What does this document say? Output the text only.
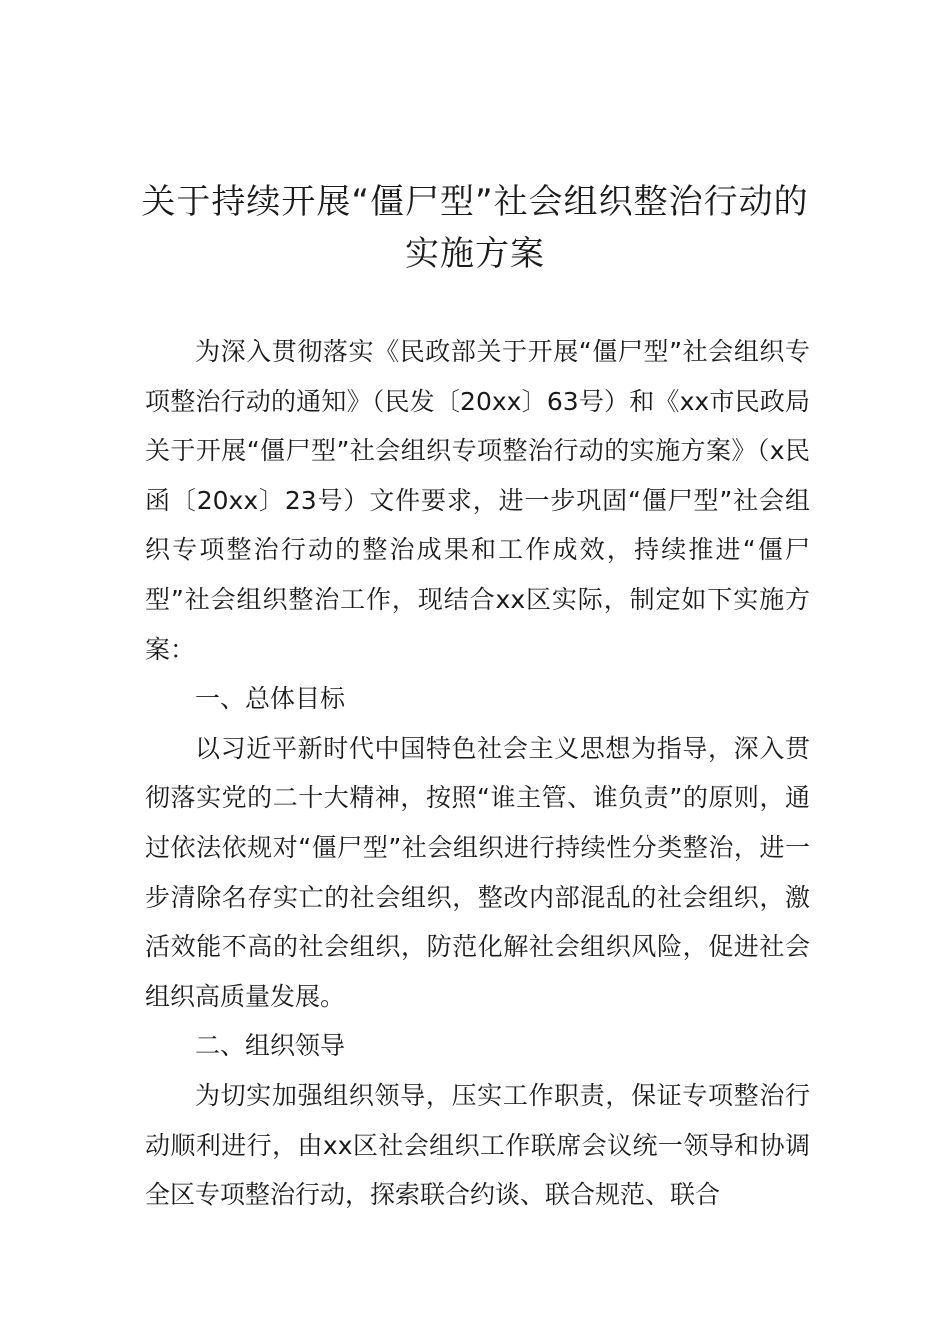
关于持续开展“僵尸型”社会组织整治行动的实施方案

为深入贯彻落实《民政部关于开展“僵尸型”社会组织专项整治行动的通知》（民发〔20xx〕63号）和《xx市民政局关于开展“僵尸型”社会组织专项整治行动的实施方案》（x民函〔20xx〕23号）文件要求，进一步巩固“僵尸型”社会组织专项整治行动的整治成果和工作成效，持续推进“僵尸型”社会组织整治工作，现结合xx区实际，制定如下实施方案：

一、总体目标

以习近平新时代中国特色社会主义思想为指导，深入贯彻落实党的二十大精神，按照“谁主管、谁负责”的原则，通过依法依规对“僵尸型”社会组织进行持续性分类整治，进一步清除名存实亡的社会组织，整改内部混乱的社会组织，激活效能不高的社会组织，防范化解社会组织风险，促进社会组织高质量发展。

二、组织领导

为切实加强组织领导，压实工作职责，保证专项整治行动顺利进行，由xx区社会组织工作联席会议统一领导和协调全区专项整治行动，探索联合约谈、联合规范、联合
